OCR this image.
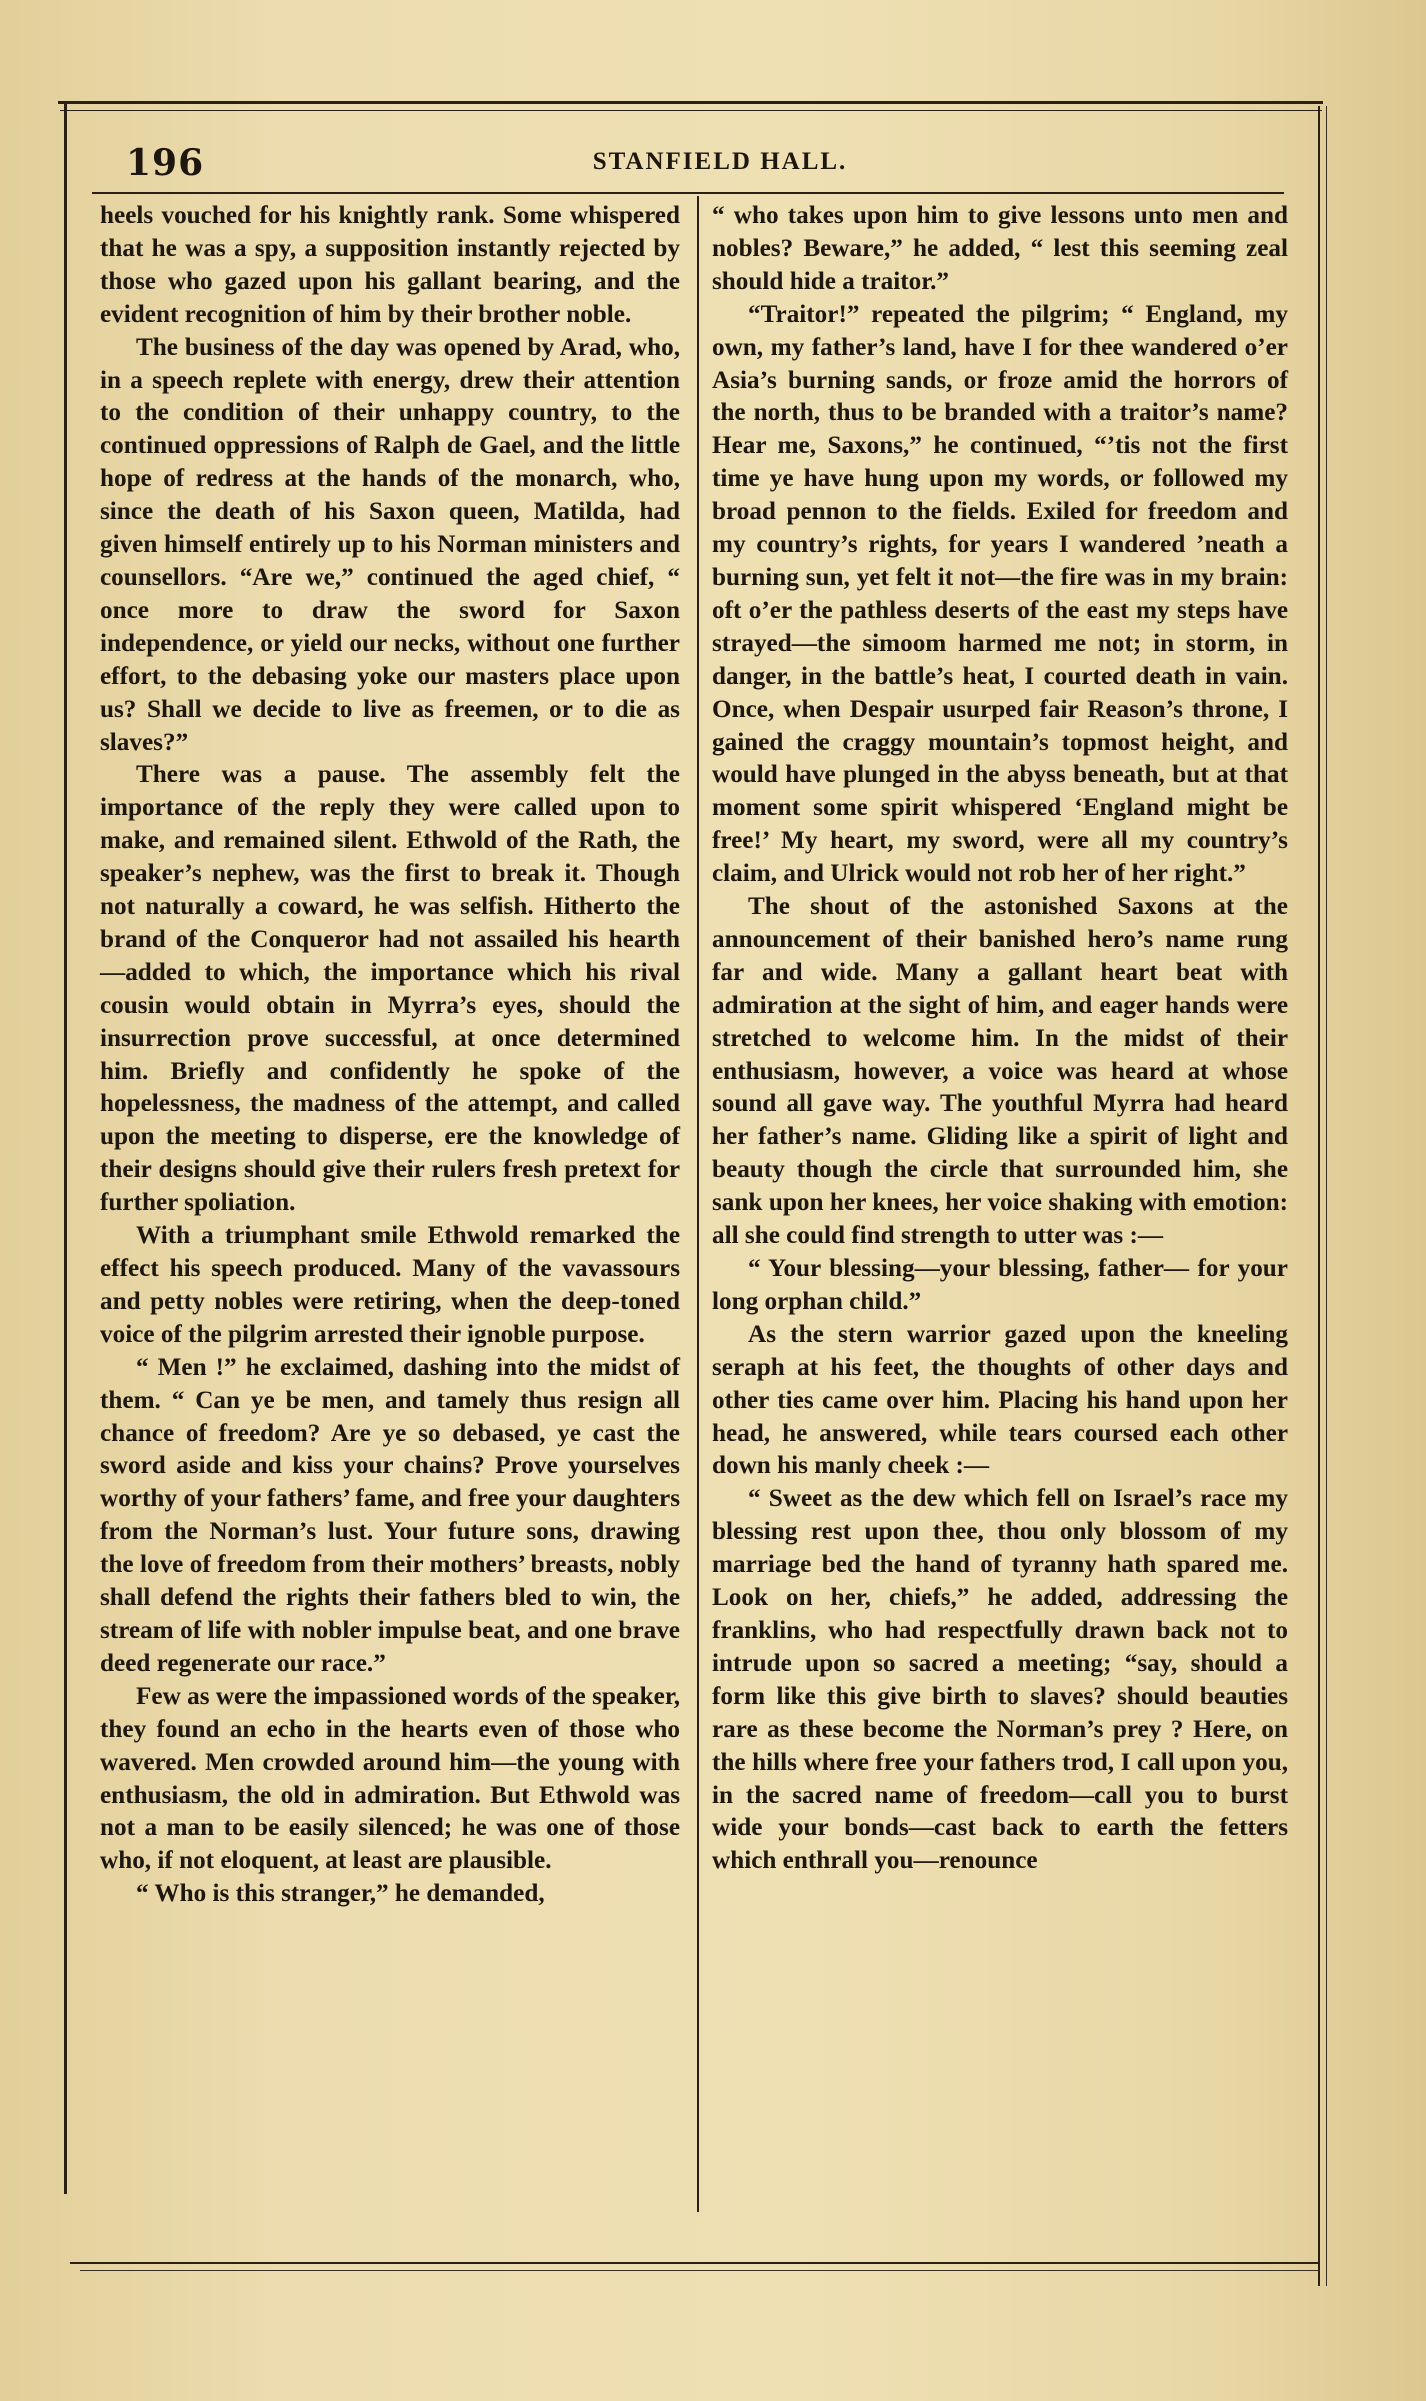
196	STANFIELD HALL.

heels vouched for his knightly rank. Some whispered that he was a spy, a supposition instantly rejected by those who gazed upon his gallant bearing, and the evident recognition of him by their brother noble.

The business of the day was opened by Arad, who, in a speech replete with energy, drew their attention to the condition of their unhappy country, to the continued oppressions of Ralph de Gael, and the little hope of redress at the hands of the monarch, who, since the death of his Saxon queen, Matilda, had given himself entirely up to his Norman ministers and counsellors. “Are we,” continued the aged chief, “ once more to draw the sword for Saxon independence, or yield our necks, without one further effort, to the debasing yoke our masters place upon us? Shall we decide to live as freemen, or to die as slaves?”

There was a pause. The assembly felt the importance of the reply they were called upon to make, and remained silent. Ethwold of the Rath, the speaker’s nephew, was the first to break it. Though not naturally a coward, he was selfish. Hitherto the brand of the Conqueror had not assailed his hearth —added to which, the importance which his rival cousin would obtain in Myrra’s eyes, should the insurrection prove successful, at once determined him. Briefly and confidently he spoke of the hopelessness, the madness of the attempt, and called upon the meeting to disperse, ere the knowledge of their designs should give their rulers fresh pretext for further spoliation.

With a triumphant smile Ethwold remarked the effect his speech produced. Many of the vavassours and petty nobles were retiring, when the deep-toned voice of the pilgrim arrested their ignoble purpose.

“ Men !” he exclaimed, dashing into the midst of them. “ Can ye be men, and tamely thus resign all chance of freedom? Are ye so debased, ye cast the sword aside and kiss your chains? Prove yourselves worthy of your fathers’ fame, and free your daughters from the Norman’s lust. Your future sons, drawing the love of freedom from their mothers’ breasts, nobly shall defend the rights their fathers bled to win, the stream of life with nobler impulse beat, and one brave deed regenerate our race.”

Few as were the impassioned words of the speaker, they found an echo in the hearts even of those who wavered. Men crowded around him—the young with enthusiasm, the old in admiration. But Ethwold was not a man to be easily silenced; he was one of those who, if not eloquent, at least are plausible.

“ Who is this stranger,” he demanded,

“ who takes upon him to give lessons unto men and nobles? Beware,” he added, “ lest this seeming zeal should hide a traitor.”

“Traitor!” repeated the pilgrim; “ England, my own, my father’s land, have I for thee wandered o’er Asia’s burning sands, or froze amid the horrors of the north, thus to be branded with a traitor’s name? Hear me, Saxons,” he continued, “’tis not the first time ye have hung upon my words, or followed my broad pennon to the fields. Exiled for freedom and my country’s rights, for years I wandered ’neath a burning sun, yet felt it not—the fire was in my brain: oft o’er the pathless deserts of the east my steps have strayed—the simoom harmed me not; in storm, in danger, in the battle’s heat, I courted death in vain. Once, when Despair usurped fair Reason’s throne, I gained the craggy mountain’s topmost height, and would have plunged in the abyss beneath, but at that moment some spirit whispered ‘England might be free!’ My heart, my sword, were all my country’s claim, and Ulrick would not rob her of her right.”

The shout of the astonished Saxons at the announcement of their banished hero’s name rung far and wide. Many a gallant heart beat with admiration at the sight of him, and eager hands were stretched to welcome him. In the midst of their enthusiasm, however, a voice was heard at whose sound all gave way. The youthful Myrra had heard her father’s name. Gliding like a spirit of light and beauty though the circle that surrounded him, she sank upon her knees, her voice shaking with emotion: all she could find strength to utter was :—

“ Your blessing—your blessing, father— for your long orphan child.”

As the stern warrior gazed upon the kneeling seraph at his feet, the thoughts of other days and other ties came over him. Placing his hand upon her head, he answered, while tears coursed each other down his manly cheek :—

“ Sweet as the dew which fell on Israel’s race my blessing rest upon thee, thou only blossom of my marriage bed the hand of tyranny hath spared me. Look on her, chiefs,” he added, addressing the franklins, who had respectfully drawn back not to intrude upon so sacred a meeting; “say, should a form like this give birth to slaves? should beauties rare as these become the Norman’s prey ? Here, on the hills where free your fathers trod, I call upon you, in the sacred name of freedom—call you to burst wide your bonds—cast back to earth the fetters which enthrall you—renounce
